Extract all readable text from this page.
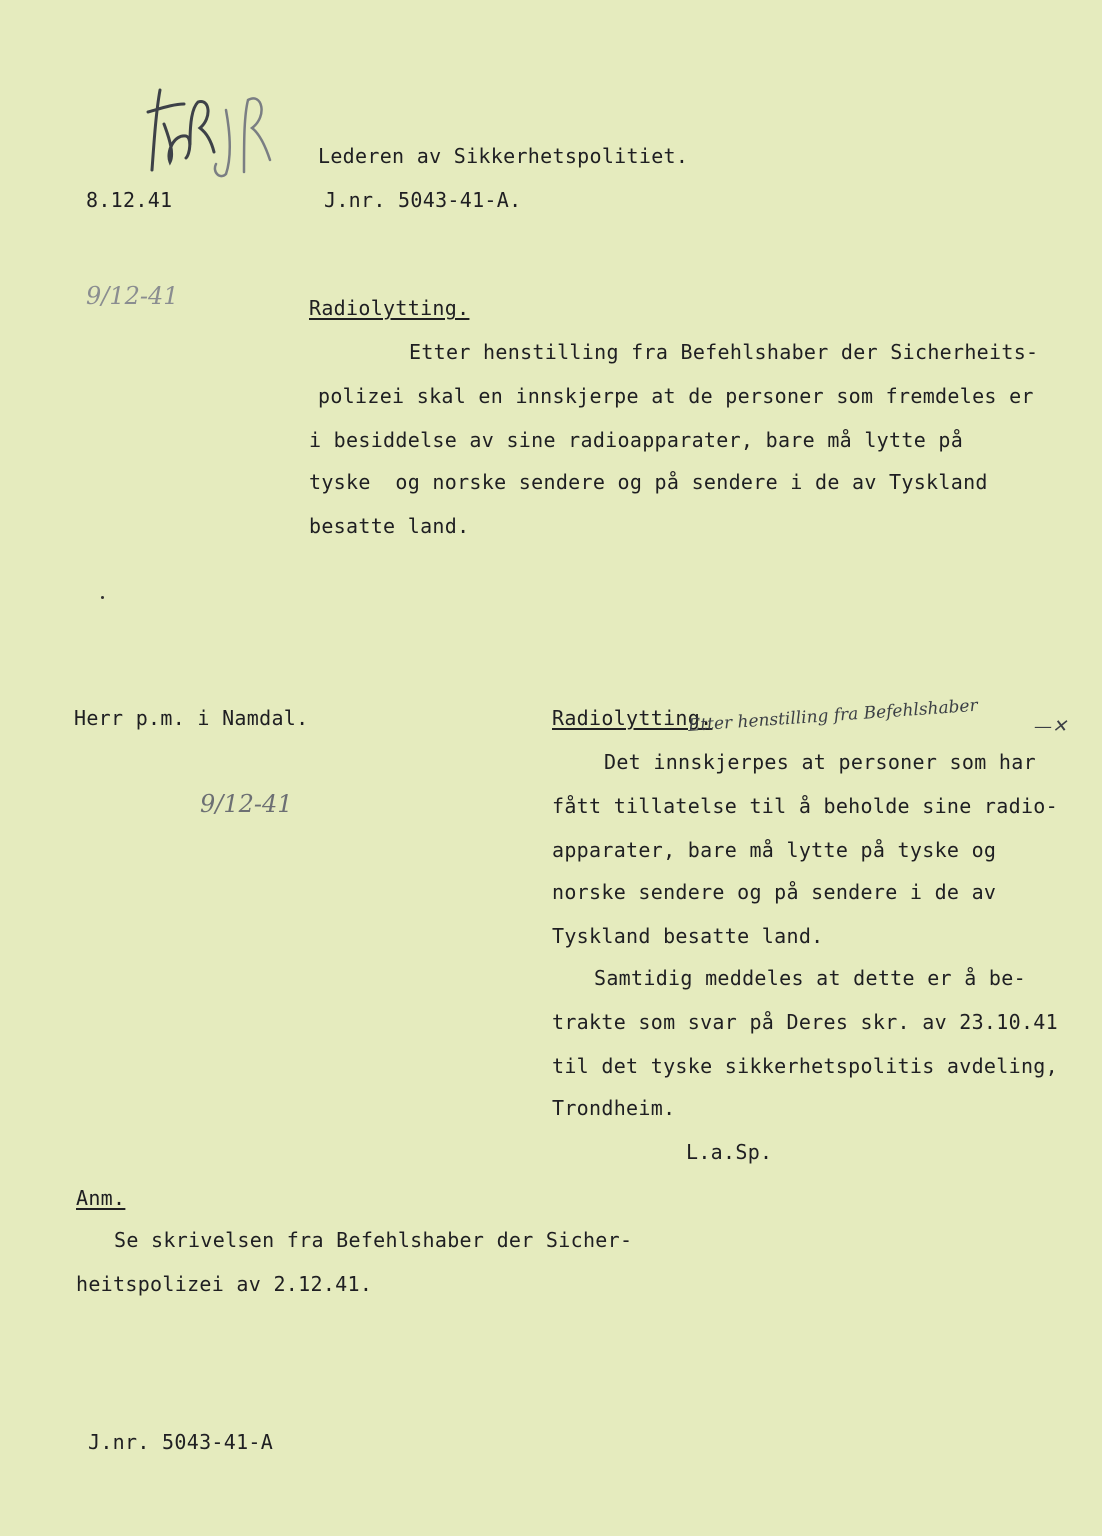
Lederen av Sikkerhetspolitiet.
8.12.41	J.nr. 5043-41-A.
9/12-41	Radiolytting.
Etter henstilling fra Befehlshaber der Sicherheits-
polizei skal en innskjerpe at de personer som fremdeles er
i besiddelse av sine radioapparater, bare må lytte på
tyske  og norske sendere og på sendere i de av Tyskland
besatte land.
Herr p.m. i Namdal.	Radiolytting.
Etter henstilling fra Befehlshaber	—✕
9/12-41
Det innskjerpes at personer som har
fått tillatelse til å beholde sine radio-
apparater, bare må lytte på tyske og
norske sendere og på sendere i de av
Tyskland besatte land.
Samtidig meddeles at dette er å be-
trakte som svar på Deres skr. av 23.10.41
til det tyske sikkerhetspolitis avdeling,
Trondheim.
L.a.Sp.
Anm.
Se skrivelsen fra Befehlshaber der Sicher-
heitspolizei av 2.12.41.
J.nr. 5043-41-A
